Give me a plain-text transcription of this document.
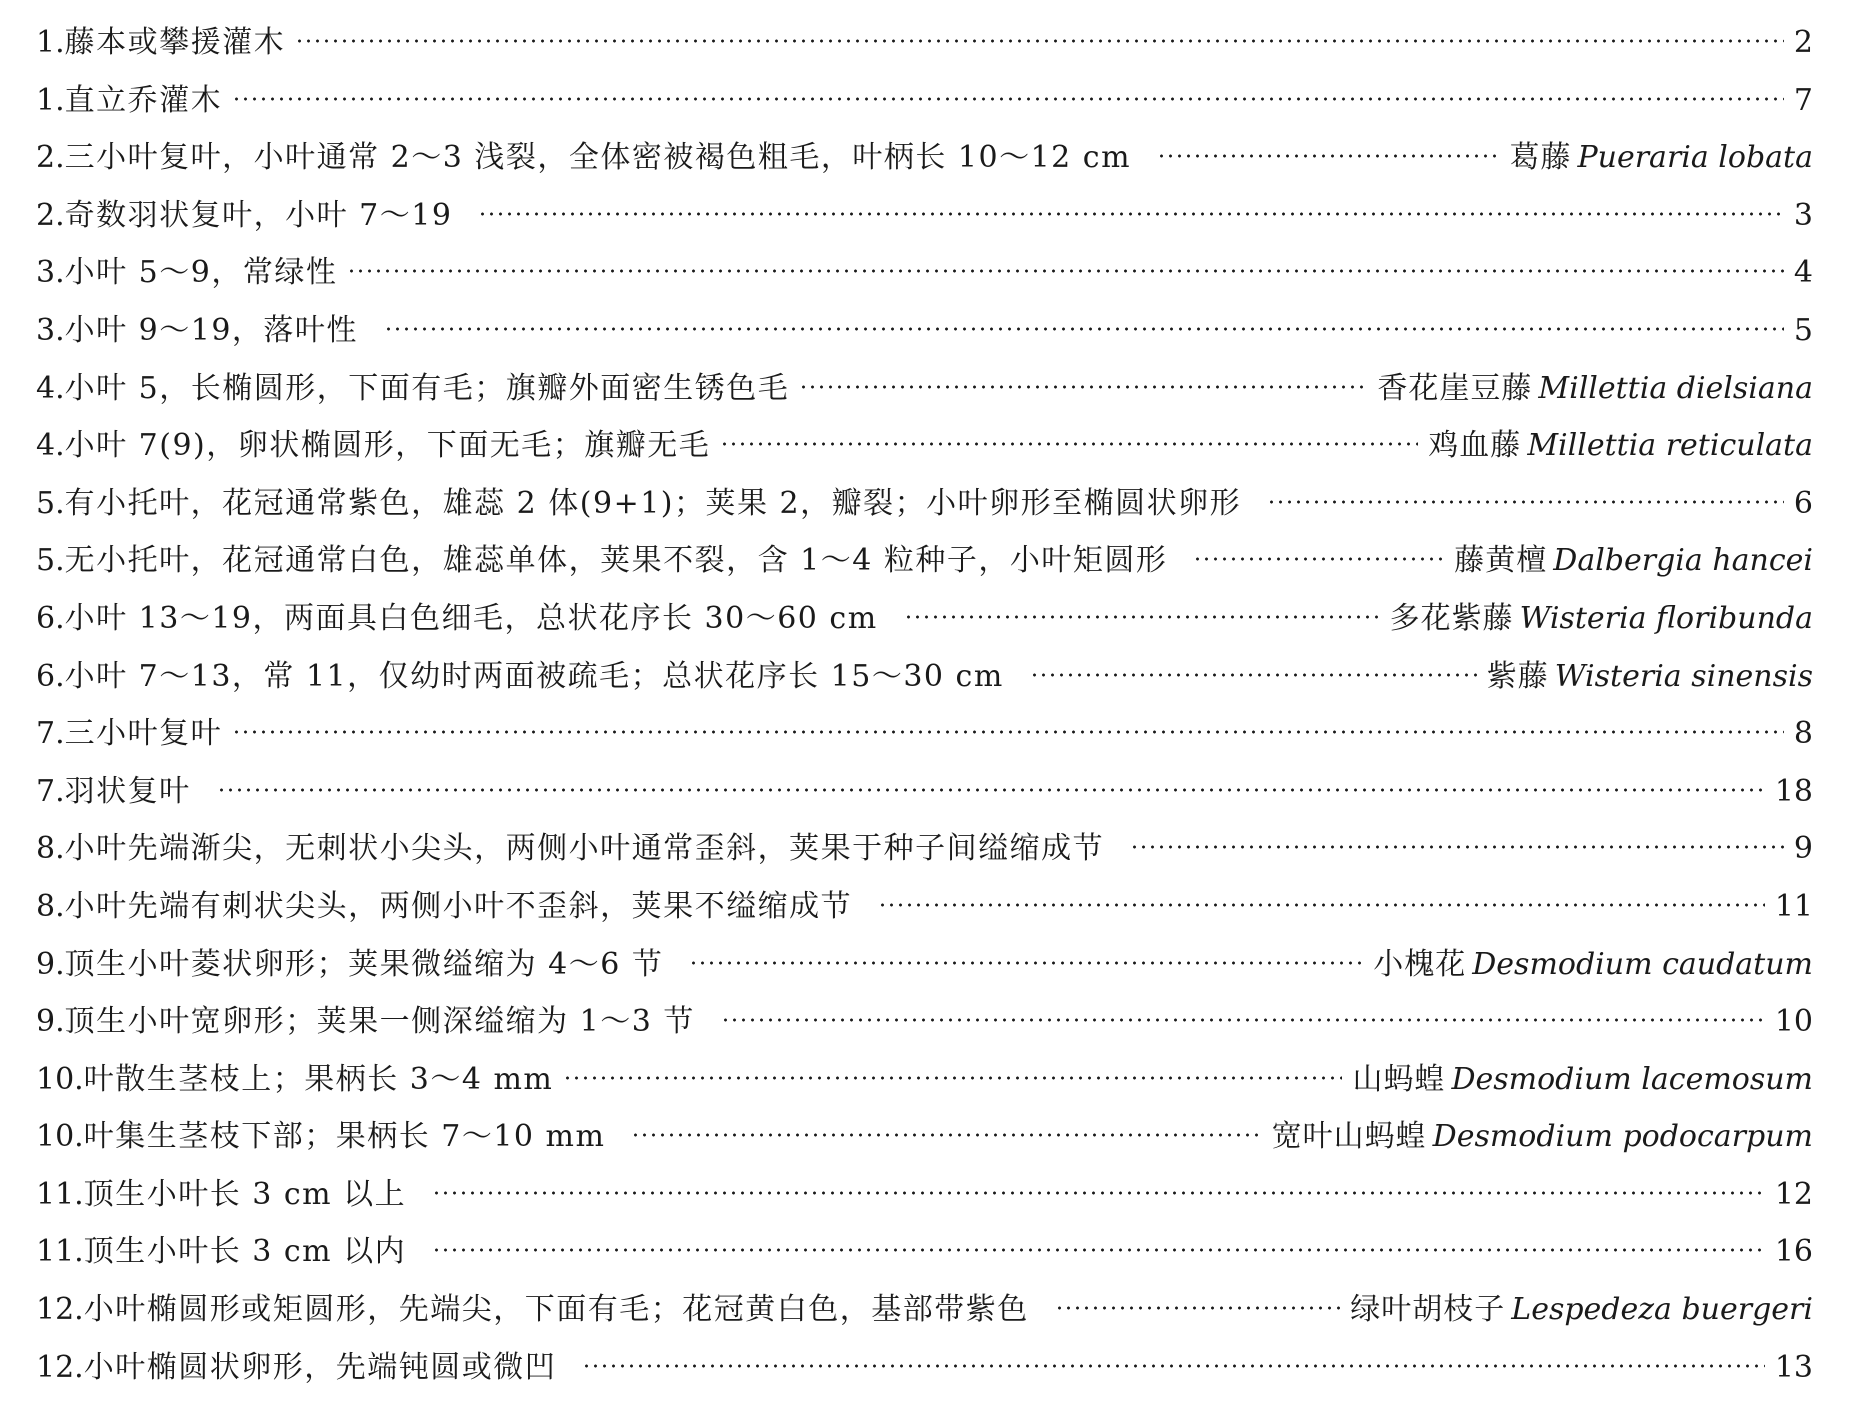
1. 藤本或攀援灌木	2
1. 直立乔灌木	7
2. 三小叶复叶，小叶通常 2～3 浅裂，全体密被褐色粗毛，叶柄长 10～12 cm	葛藤 Pueraria lobata
2. 奇数羽状复叶，小叶 7～19	3
3. 小叶 5～9，常绿性	4
3. 小叶 9～19，落叶性	5
4. 小叶 5，长椭圆形，下面有毛；旗瓣外面密生锈色毛	香花崖豆藤 Millettia dielsiana
4. 小叶 7(9)，卵状椭圆形，下面无毛；旗瓣无毛	鸡血藤 Millettia reticulata
5. 有小托叶，花冠通常紫色，雄蕊 2 体(9+1)；荚果 2，瓣裂；小叶卵形至椭圆状卵形	6
5. 无小托叶，花冠通常白色，雄蕊单体，荚果不裂，含 1～4 粒种子，小叶矩圆形	藤黄檀 Dalbergia hancei
6. 小叶 13～19，两面具白色细毛，总状花序长 30～60 cm	多花紫藤 Wisteria floribunda
6. 小叶 7～13，常 11，仅幼时两面被疏毛；总状花序长 15～30 cm	紫藤 Wisteria sinensis
7. 三小叶复叶	8
7. 羽状复叶	18
8. 小叶先端渐尖，无刺状小尖头，两侧小叶通常歪斜，荚果于种子间缢缩成节	9
8. 小叶先端有刺状尖头，两侧小叶不歪斜，荚果不缢缩成节	11
9. 顶生小叶菱状卵形；荚果微缢缩为 4～6 节	小槐花 Desmodium caudatum
9. 顶生小叶宽卵形；荚果一侧深缢缩为 1～3 节	10
10. 叶散生茎枝上；果柄长 3～4 mm	山蚂蝗 Desmodium lacemosum
10. 叶集生茎枝下部；果柄长 7～10 mm	宽叶山蚂蝗 Desmodium podocarpum
11. 顶生小叶长 3 cm 以上	12
11. 顶生小叶长 3 cm 以内	16
12. 小叶椭圆形或矩圆形，先端尖，下面有毛；花冠黄白色，基部带紫色	绿叶胡枝子 Lespedeza buergeri
12. 小叶椭圆状卵形，先端钝圆或微凹	13
